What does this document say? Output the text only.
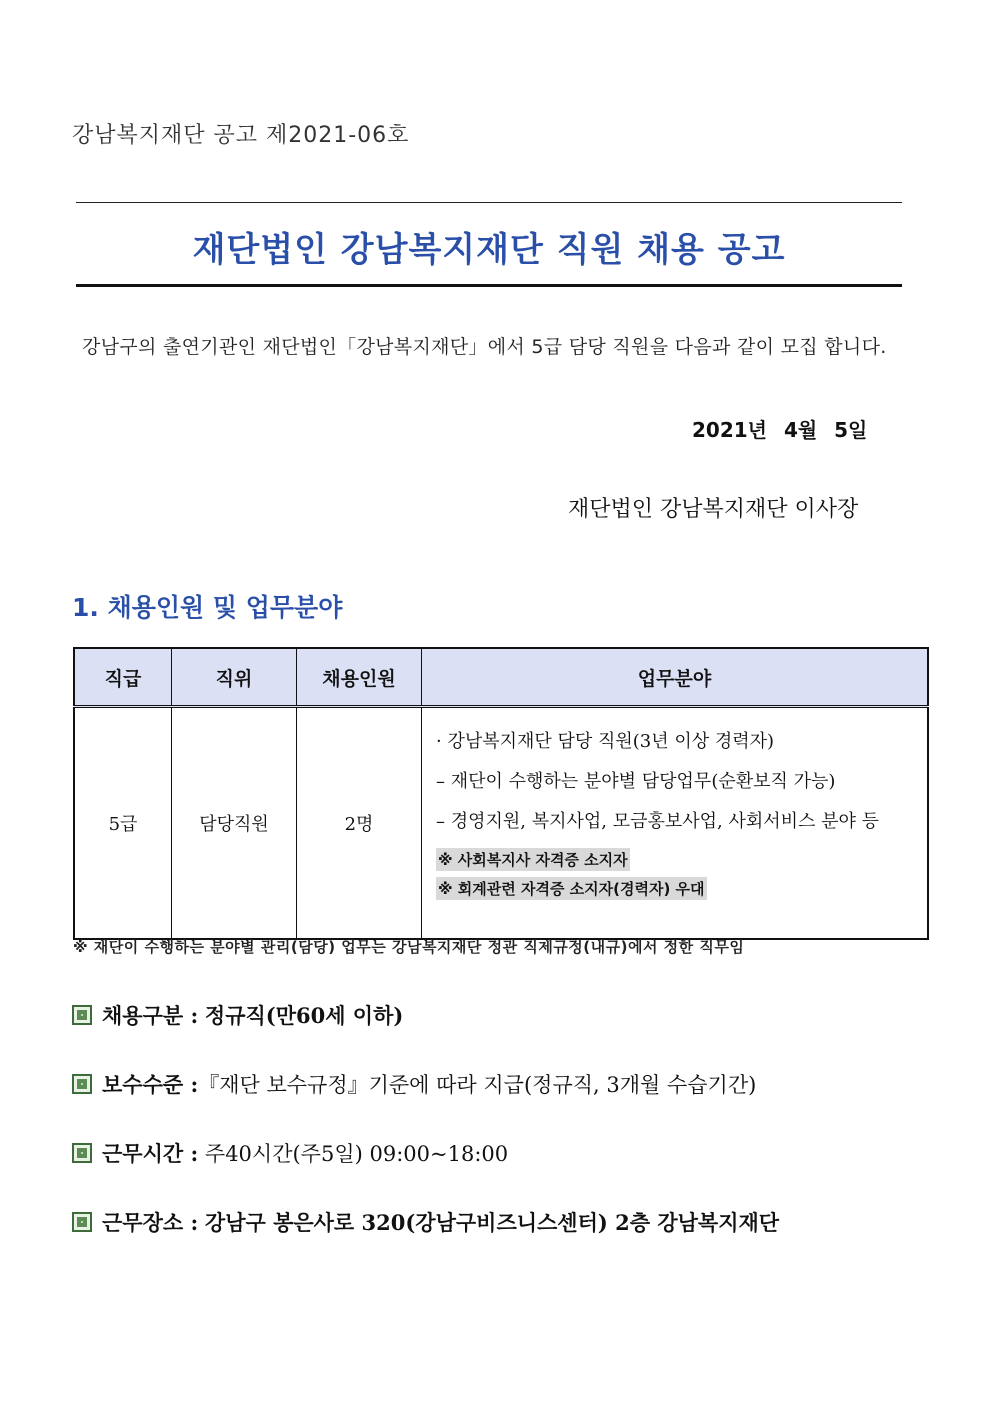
강남복지재단 공고 제2021-06호
재단법인 강남복지재단 직원 채용 공고
강남구의 출연기관인 재단법인「강남복지재단」에서 5급 담당 직원을 다음과 같이 모집 합니다.
2021년 4월 5일
재단법인 강남복지재단 이사장
1. 채용인원 및 업무분야
직급	직위	채용인원	업무분야
5급	담당직원	2명	· 강남복지재단 담당 직원(3년 이상 경력자)
– 재단이 수행하는 분야별 담당업무(순환보직 가능)
– 경영지원, 복지사업, 모금홍보사업, 사회서비스 분야 등
※ 사회복지사 자격증 소지자
※ 회계관련 자격증 소지자(경력자) 우대
※ 재단이 수행하는 분야별 관리(담당) 업무는 강남복지재단 정관 직제규정(내규)에서 정한 직무임
채용구분 :
정규직(만60세 이하)
보수수준 : 『재단 보수규정』기준에 따라 지급(정규직, 3개월 수습기간)
근무시간 :
주40시간(주5일) 09:00~18:00
근무장소 :
강남구 봉은사로 320(강남구비즈니스센터) 2층 강남복지재단
